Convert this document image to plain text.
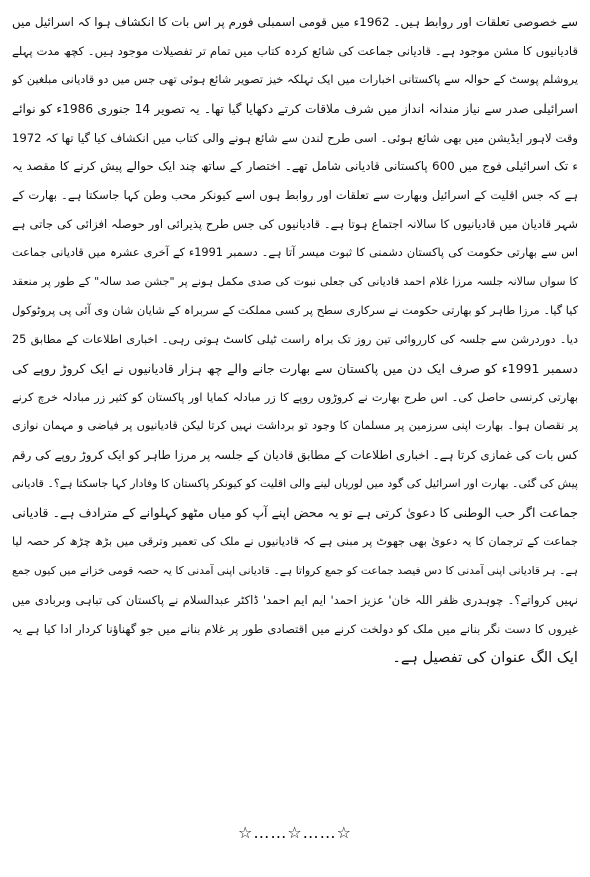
سے خصوصی تعلقات اور روابط ہیں۔ 1962ء میں قومی اسمبلی فورم پر اس بات کا انکشاف ہوا کہ اسرائیل میں
قادیانیوں کا مشن موجود ہے۔ قادیانی جماعت کی شائع کردہ کتاب میں تمام تر تفصیلات موجود ہیں۔ کچھ مدت پہلے
یروشلم پوسٹ کے حوالہ سے پاکستانی اخبارات میں ایک تہلکہ خیز تصویر شائع ہوئی تھی جس میں دو قادیانی مبلغین کو
اسرائیلی صدر سے نیاز مندانہ انداز میں شرف ملاقات کرتے دکھایا گیا تھا۔ یہ تصویر 14 جنوری 1986ء کو نوائے
وقت لاہور ایڈیشن میں بھی شائع ہوئی۔ اسی طرح لندن سے شائع ہونے والی کتاب میں انکشاف کیا گیا تھا کہ 1972
ء تک اسرائیلی فوج میں 600 پاکستانی قادیانی شامل تھے۔ اختصار کے ساتھ چند ایک حوالے پیش کرنے کا مقصد یہ
ہے کہ جس اقلیت کے اسرائیل وبھارت سے تعلقات اور روابط ہوں اسے کیونکر محب وطن کہا جاسکتا ہے۔ بھارت کے
شہر قادیان میں قادیانیوں کا سالانہ اجتماع ہوتا ہے۔ قادیانیوں کی جس طرح پذیرائی اور حوصلہ افزائی کی جاتی ہے
اس سے بھارتی حکومت کی پاکستان دشمنی کا ثبوت میسر آتا ہے۔ دسمبر 1991ء کے آخری عشرہ میں قادیانی جماعت
کا سواں سالانہ جلسہ مرزا غلام احمد قادیانی کی جعلی نبوت کی صدی مکمل ہونے پر "جشن صد سالہ" کے طور پر منعقد
کیا گیا۔ مرزا طاہر کو بھارتی حکومت نے سرکاری سطح پر کسی مملکت کے سربراہ کے شایان شان وی آئی پی پروٹوکول
دیا۔ دوردرشن سے جلسہ کی کارروائی تین روز تک براہ راست ٹیلی کاسٹ ہوتی رہی۔ اخباری اطلاعات کے مطابق 25
دسمبر 1991ء کو صرف ایک دن میں پاکستان سے بھارت جانے والے چھ ہزار قادیانیوں نے ایک کروڑ روپے کی
بھارتی کرنسی حاصل کی۔ اس طرح بھارت نے کروڑوں روپے کا زر مبادلہ کمایا اور پاکستان کو کثیر زر مبادلہ خرچ کرنے
پر نقصان ہوا۔ بھارت اپنی سرزمین پر مسلمان کا وجود تو برداشت نہیں کرتا لیکن قادیانیوں پر فیاضی و مہمان نوازی
کس بات کی غمازی کرتا ہے۔ اخباری اطلاعات کے مطابق قادیان کے جلسہ پر مرزا طاہر کو ایک کروڑ روپے کی رقم
پیش کی گئی۔ بھارت اور اسرائیل کی گود میں لوریاں لینے والی اقلیت کو کیونکر پاکستان کا وفادار کہا جاسکتا ہے؟۔ قادیانی
جماعت اگر حب الوطنی کا دعویٰ کرتی ہے تو یہ محض اپنے آپ کو میاں مٹھو کہلوانے کے مترادف ہے۔ قادیانی
جماعت کے ترجمان کا یہ دعویٰ بھی جھوٹ پر مبنی ہے کہ قادیانیوں نے ملک کی تعمیر وترقی میں بڑھ چڑھ کر حصہ لیا
ہے۔ ہر قادیانی اپنی آمدنی کا دس فیصد جماعت کو جمع کرواتا ہے۔ قادیانی اپنی آمدنی کا یہ حصہ قومی خزانے میں کیوں جمع
نہیں کرواتے؟۔ چوہدری ظفر اللہ خان' عزیز احمد' ایم ایم احمد' ڈاکٹر عبدالسلام نے پاکستان کی تباہی وبربادی میں
غیروں کا دست نگر بنانے میں ملک کو دولخت کرنے میں اقتصادی طور پر غلام بنانے میں جو گھناؤنا کردار ادا کیا ہے یہ
ایک الگ عنوان کی تفصیل ہے۔
☆……☆……☆
